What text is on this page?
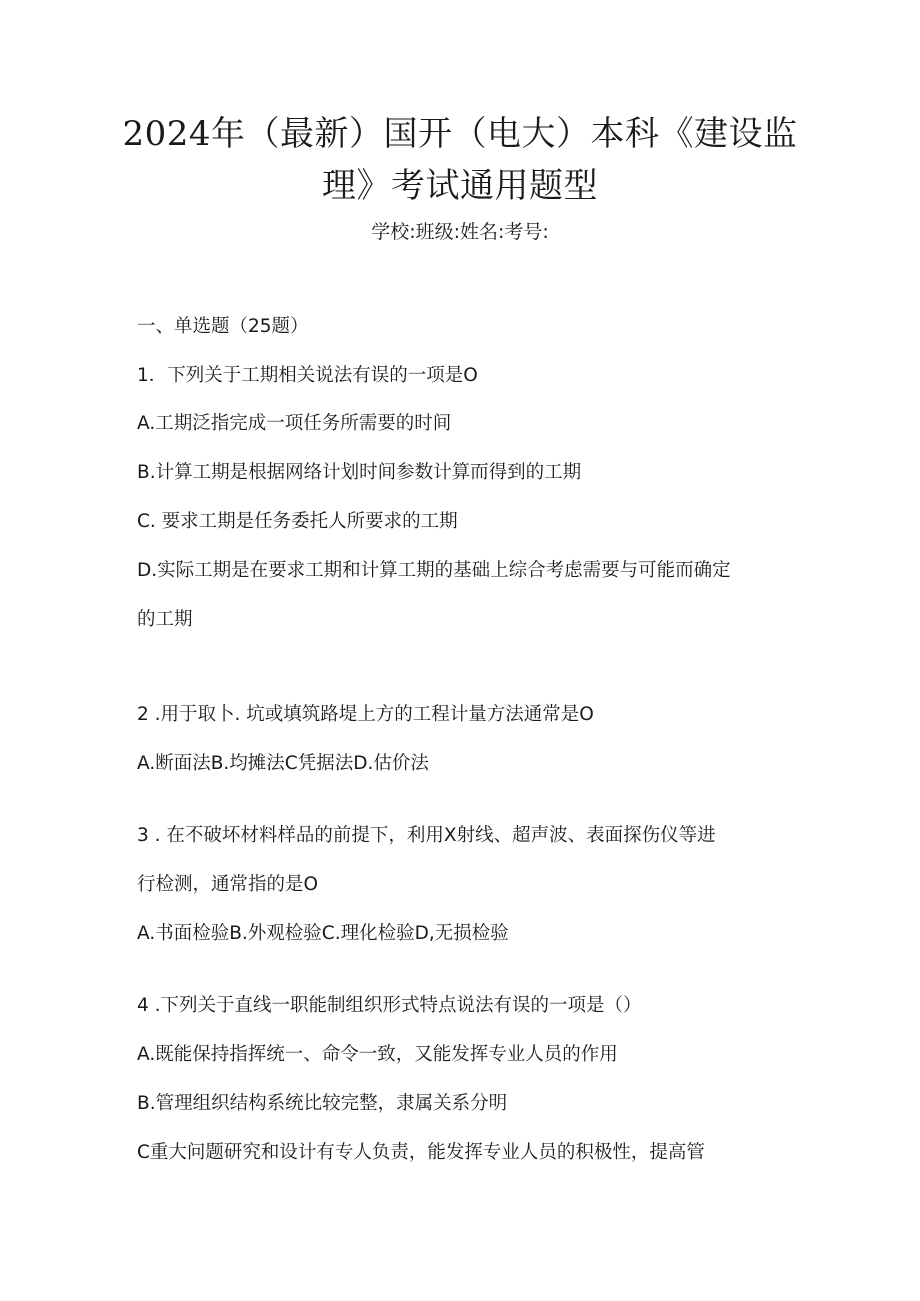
2024年（最新）国开（电大）本科《建设监
理》考试通用题型
学校:班级:姓名:考号:
一、单选题（25题）
1．下列关于工期相关说法有误的一项是O
A.工期泛指完成一项任务所需要的时间
B.计算工期是根据网络计划时间参数计算而得到的工期
C. 要求工期是任务委托人所要求的工期
D.实际工期是在要求工期和计算工期的基础上综合考虑需要与可能而确定
的工期
2 .用于取卜. 坑或填筑路堤上方的工程计量方法通常是O
A.断面法B.均摊法C凭据法D.估价法
3 . 在不破坏材料样品的前提下，利用X射线、超声波、表面探伤仪等进
行检测，通常指的是O
A.书面检验B.外观检验C.理化检验D,无损检验
4 .下列关于直线一职能制组织形式特点说法有误的一项是（）
A.既能保持指挥统一、命令一致，又能发挥专业人员的作用
B.管理组织结构系统比较完整，隶属关系分明
C重大问题研究和设计有专人负责，能发挥专业人员的积极性，提高管
